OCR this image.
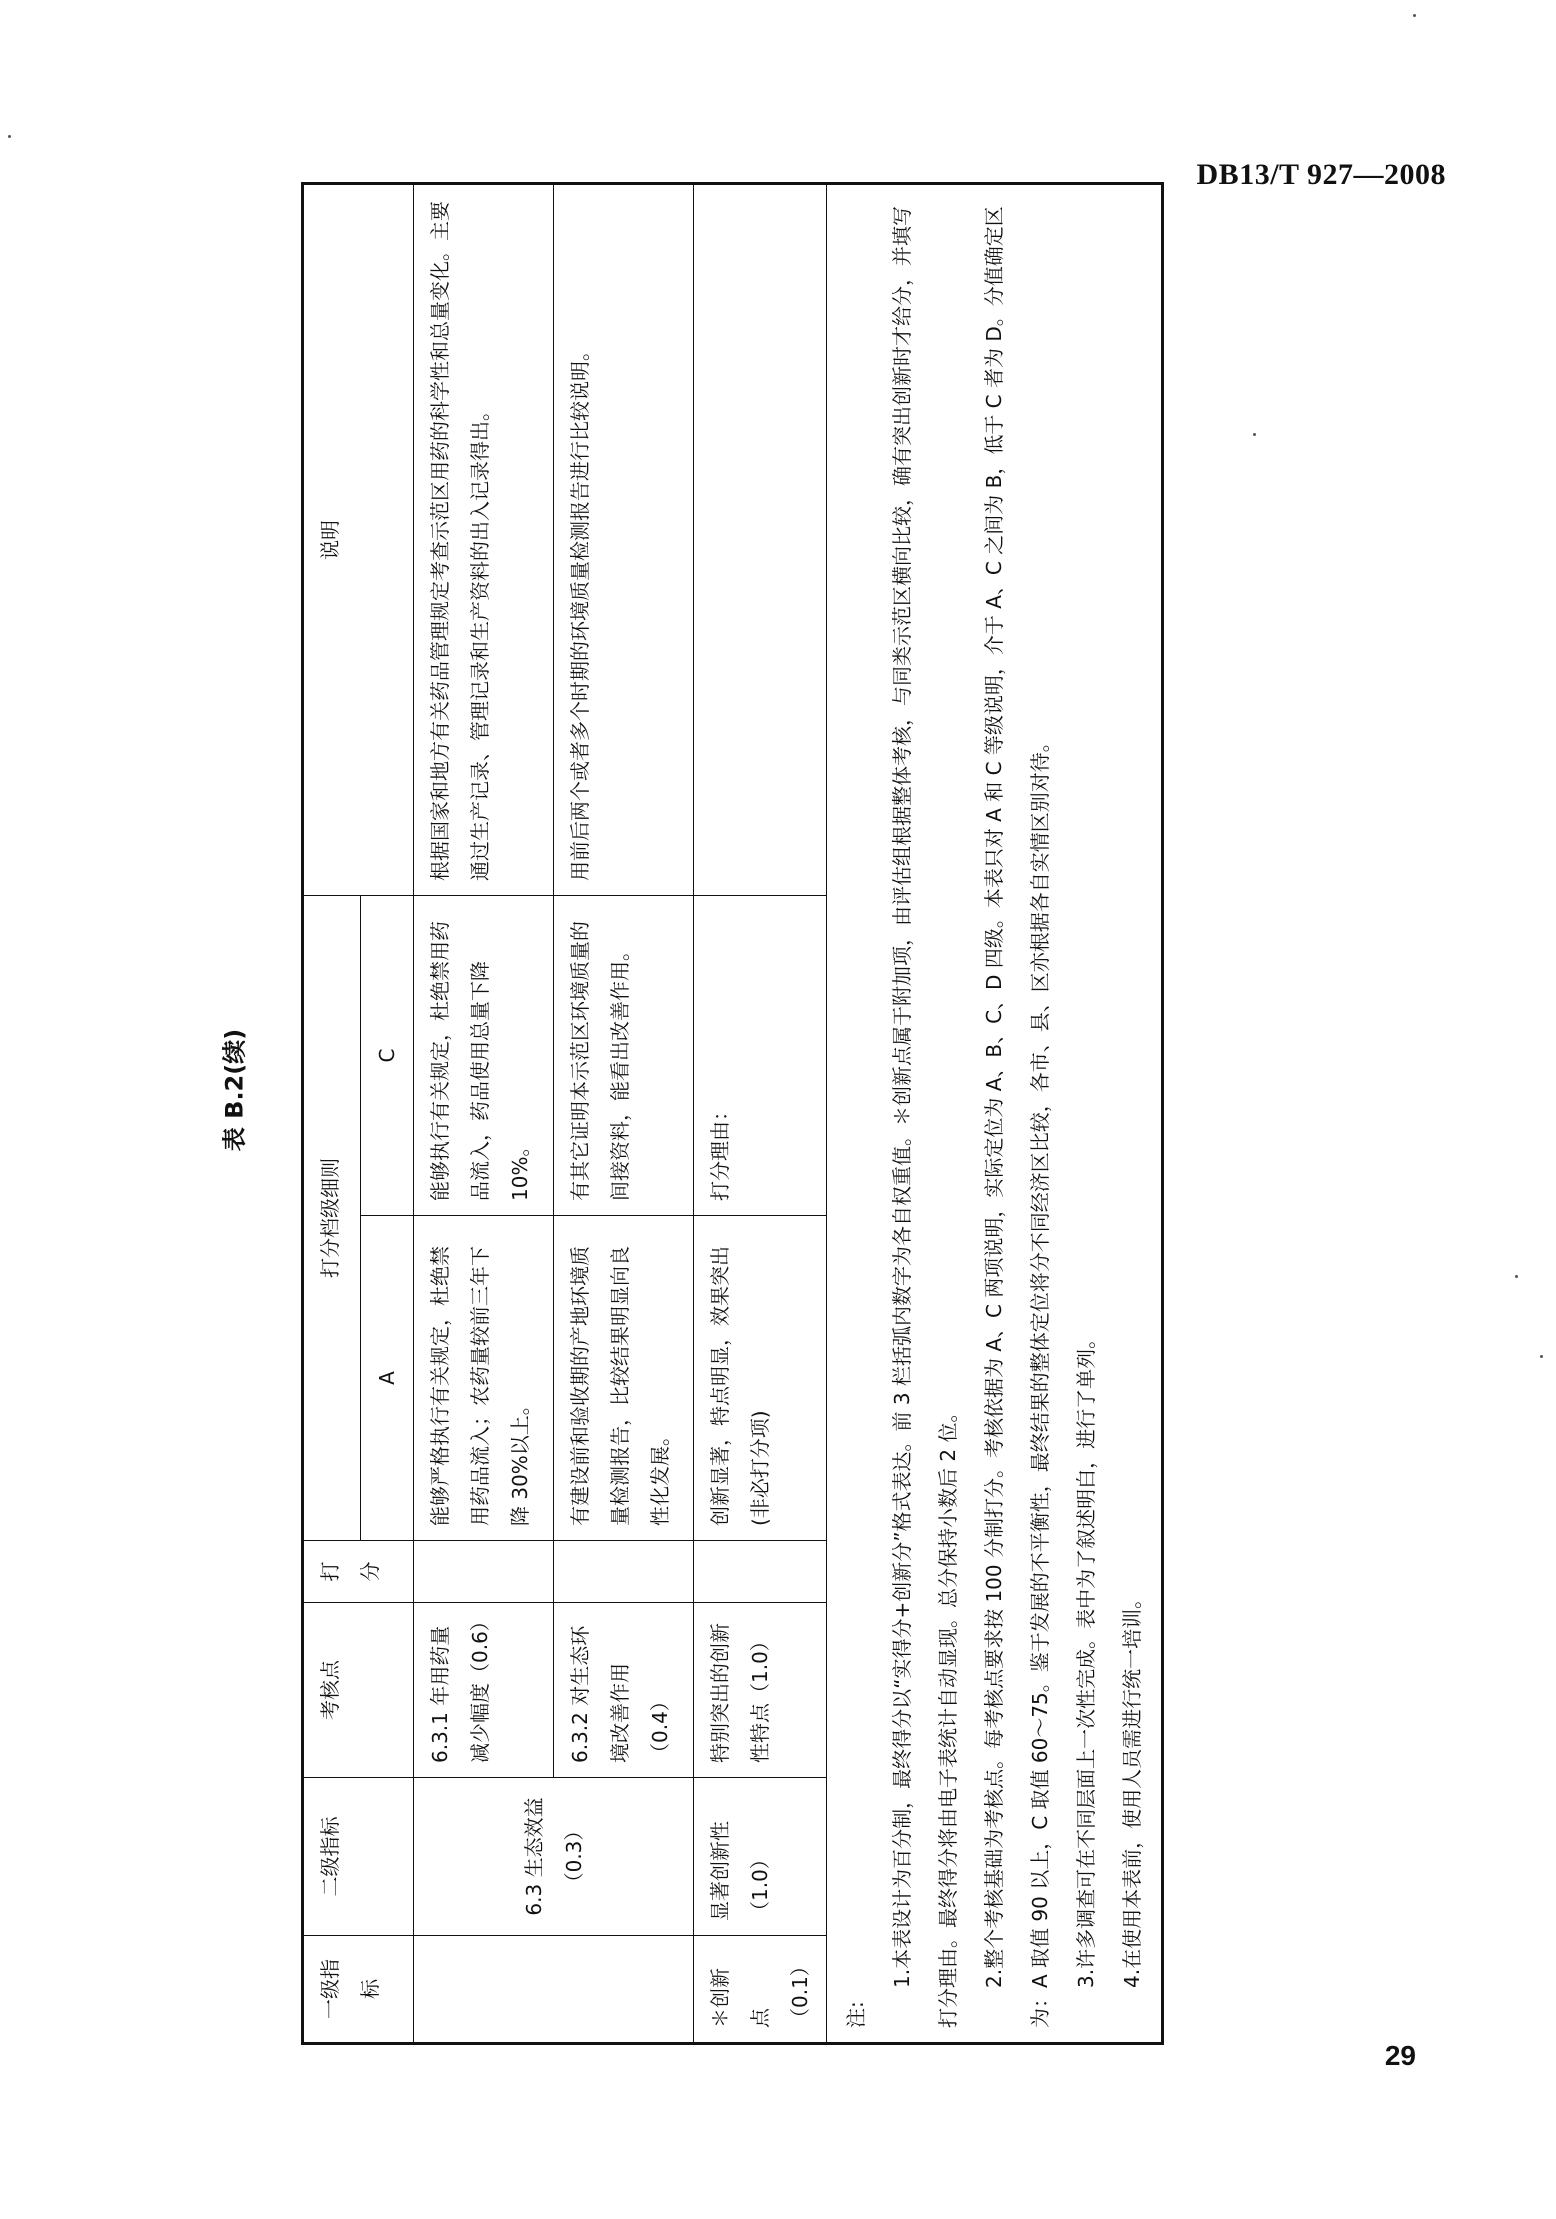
DB13/T 927—2008
表 B.2(续)
一级指标	二级指标	考核点	打分	打分档级细则		说明
				A	C	
	6.3 生态效益（0.3）	6.3.1 年用药量减少幅度（0.6）		能够严格执行有关规定，杜绝禁用药品流入；农药量较前三年下降 30%以上。	能够执行有关规定，杜绝禁用药品流入，药品使用总量下降 10%。	根据国家和地方有关药品管理规定考查示范区用药的科学性和总量变化。主要通过生产记录、管理记录和生产资料的出入记录得出。
		6.3.2 对生态环境改善作用（0.4）		有建设前和验收期的产地环境质量检测报告，比较结果明显向良性化发展。	有其它证明本示范区环境质量的间接资料，能看出改善作用。	用前后两个或者多个时期的环境质量检测报告进行比较说明。
＊创新点（0.1）	显著创新性（1.0）	特别突出的创新性特点（1.0）		创新显著，特点明显，效果突出(非必打分项)	打分理由：	

注:
1.本表设计为百分制，最终得分以“实得分+创新分”格式表达。前 3 栏括弧内数字为各自权重值。＊创新点属于附加项，由评估组根据整体考核，与同类示范区横向比较，确有突出创新时才给分，并填写打分理由。最终得分将由电子表统计自动显现。总分保持小数后 2 位。 2.整个考核基础为考核点。每考核点要求按 100 分制打分。考核依据为 A、C 两项说明，实际定位为 A、B、C、D 四级。本表只对 A 和 C 等级说明，介于 A、C 之间为 B，低于 C 者为 D。分值确定区为：A 取值 90 以上，C 取值 60～75。鉴于发展的不平衡性，最终结果的整体定位将分不同经济区比较，各市、县、区亦根据各自实情区别对待。 3.许多调查可在不同层面上一次性完成。表中为了叙述明白，进行了单列。 4.在使用本表前，使用人员需进行统一培训。						
29
